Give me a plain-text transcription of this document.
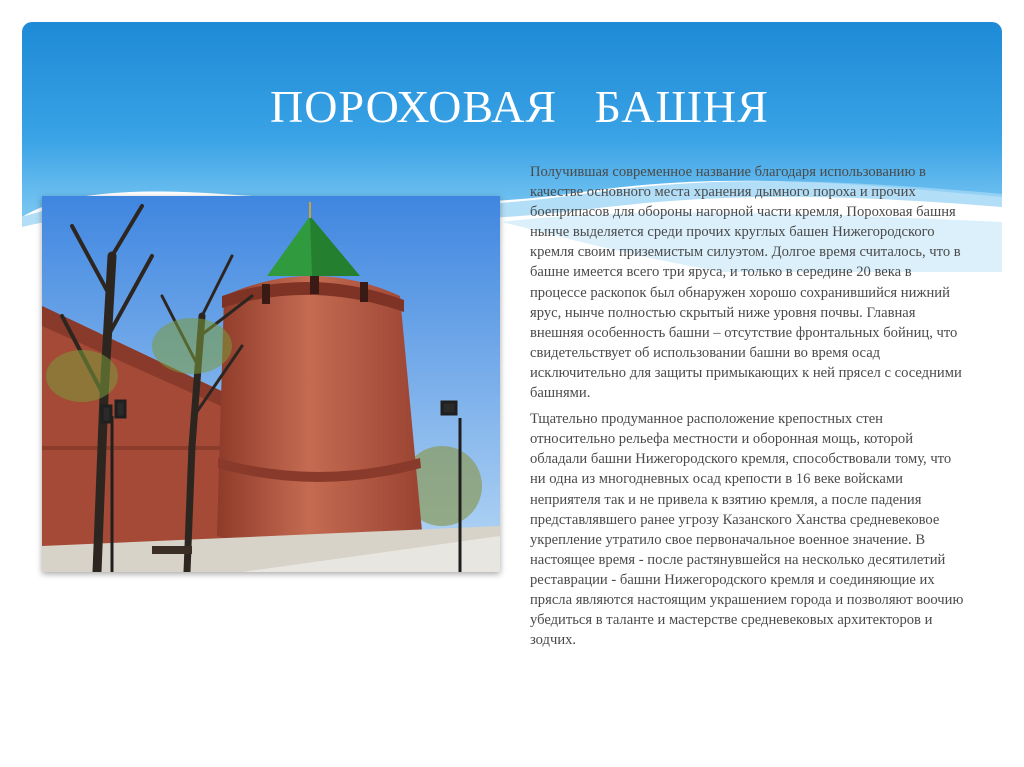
ПОРОХОВАЯ   БАШНЯ

Получившая современное название благодаря использованию в качестве основного места хранения дымного пороха и прочих боеприпасов для обороны нагорной части кремля, Пороховая башня нынче выделяется среди прочих круглых башен Нижегородского кремля своим приземистым силуэтом. Долгое время считалось, что в башне имеется всего три яруса, и только в середине 20 века в процессе раскопок был обнаружен хорошо сохранившийся нижний ярус, нынче полностью скрытый ниже уровня почвы. Главная внешняя особенность башни – отсутствие фронтальных бойниц, что свидетельствует об использовании башни во время осад исключительно для защиты примыкающих к ней прясел с соседними башнями.

Тщательно продуманное расположение крепостных стен относительно рельефа местности и оборонная мощь, которой обладали башни Нижегородского кремля, способствовали тому, что ни одна из многодневных осад крепости в 16 веке войсками неприятеля так и не привела к взятию кремля, а после падения представлявшего ранее угрозу Казанского Ханства средневековое укрепление утратило свое первоначальное военное значение. В настоящее время - после растянувшейся на несколько десятилетий реставрации - башни Нижегородского кремля и соединяющие их прясла являются настоящим украшением города и позволяют воочию убедиться в таланте и мастерстве средневековых архитекторов и зодчих.
